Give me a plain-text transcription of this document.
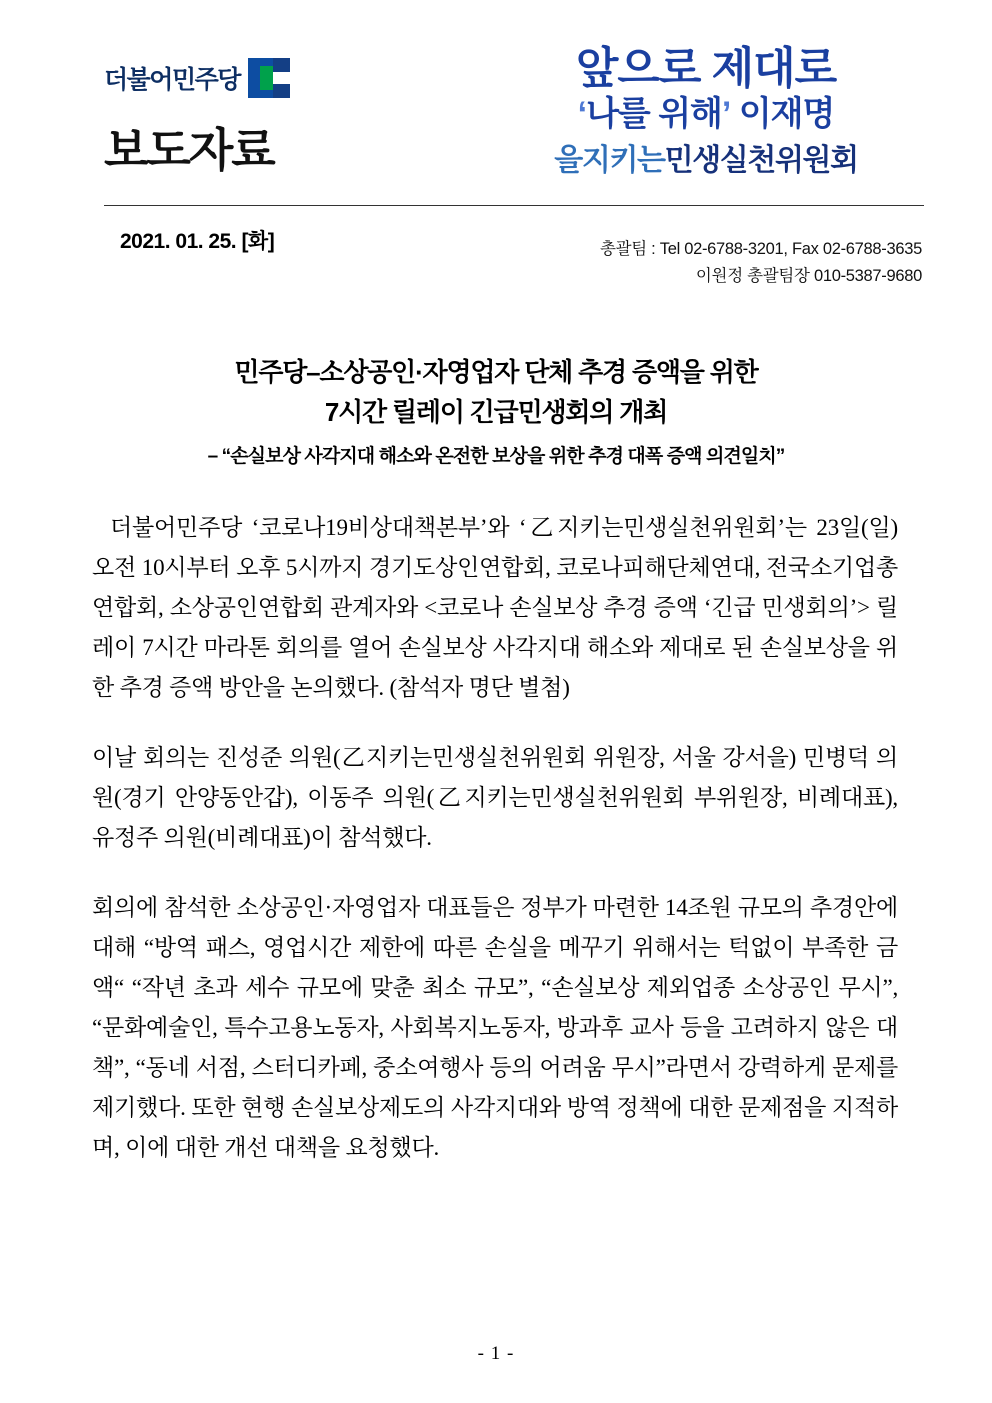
더불어민주당
보도자료
2021. 01. 25. [화]
앞으로 제대로
‘나를 위해’ 이재명
을지키는민생실천위원회
총괄팀 : Tel 02-6788-3201, Fax 02-6788-3635
이원정 총괄팀장 010-5387-9680
민주당–소상공인·자영업자 단체 추경 증액을 위한
7시간 릴레이 긴급민생회의 개최
– “손실보상 사각지대 해소와 온전한 보상을 위한 추경 대폭 증액 의견일치”

더불어민주당 ‘코로나19비상대책본부’와 ‘乙지키는민생실천위원회’는 23일(일) 오전 10시부터 오후 5시까지 경기도상인연합회, 코로나피해단체연대, 전국소기업총연합회, 소상공인연합회 관계자와 <코로나 손실보상 추경 증액 ‘긴급 민생회의’> 릴레이 7시간 마라톤 회의를 열어 손실보상 사각지대 해소와 제대로 된 손실보상을 위한 추경 증액 방안을 논의했다. (참석자 명단 별첨)

이날 회의는 진성준 의원(乙지키는민생실천위원회 위원장, 서울 강서을) 민병덕 의원(경기 안양동안갑), 이동주 의원(乙지키는민생실천위원회 부위원장, 비례대표), 유정주 의원(비례대표)이 참석했다.

회의에 참석한 소상공인·자영업자 대표들은 정부가 마련한 14조원 규모의 추경안에 대해 “방역 패스, 영업시간 제한에 따른 손실을 메꾸기 위해서는 턱없이 부족한 금액“ “작년 초과 세수 규모에 맞춘 최소 규모”, “손실보상 제외업종 소상공인 무시”, “문화예술인, 특수고용노동자, 사회복지노동자, 방과후 교사 등을 고려하지 않은 대책”, “동네 서점, 스터디카페, 중소여행사 등의 어려움 무시”라면서 강력하게 문제를 제기했다. 또한 현행 손실보상제도의 사각지대와 방역 정책에 대한 문제점을 지적하며, 이에 대한 개선 대책을 요청했다.

- 1 -
